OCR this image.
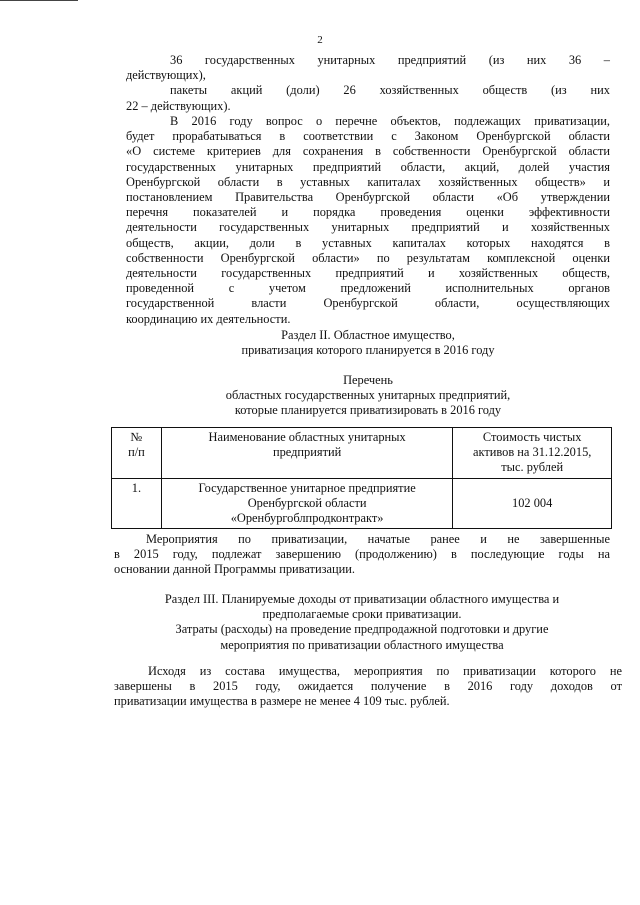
2

36 государственных унитарных предприятий (из них 36 –

действующих),

пакеты акций (доли) 26 хозяйственных обществ (из них

22 – действующих).

В 2016 году вопрос о перечне объектов, подлежащих приватизации,
будет прорабатываться в соответствии с Законом Оренбургской области
«О системе критериев для сохранения в собственности Оренбургской области
государственных унитарных предприятий области, акций, долей участия
Оренбургской области в уставных капиталах хозяйственных обществ» и
постановлением Правительства Оренбургской области «Об утверждении
перечня показателей и порядка проведения оценки эффективности
деятельности государственных унитарных предприятий и хозяйственных
обществ, акции, доли в уставных капиталах которых находятся в
собственности Оренбургской области» по результатам комплексной оценки
деятельности государственных предприятий и хозяйственных обществ,
проведенной с учетом предложений исполнительных органов
государственной власти Оренбургской области, осуществляющих
координацию их деятельности.

Раздел II. Областное имущество,

приватизация которого планируется в 2016 году

Перечень

областных государственных унитарных предприятий,

которые планируется приватизировать в 2016 году

№
п/п	Наименование областных унитарных
предприятий	Стоимость чистых
активов на 31.12.2015,
тыс. рублей

1.	Государственное унитарное предприятие
Оренбургской области
«Оренбургоблпродконтракт»	102 004
Мероприятия по приватизации, начатые ранее и не завершенные
в 2015 году, подлежат завершению (продолжению) в последующие годы на
основании данной Программы приватизации.

Раздел III. Планируемые доходы от приватизации областного имущества и

предполагаемые сроки приватизации.

Затраты (расходы) на проведение предпродажной подготовки и другие

мероприятия по приватизации областного имущества

Исходя из состава имущества, мероприятия по приватизации которого не
завершены в 2015 году, ожидается получение в 2016 году доходов от
приватизации имущества в размере не менее 4 109 тыс. рублей.
